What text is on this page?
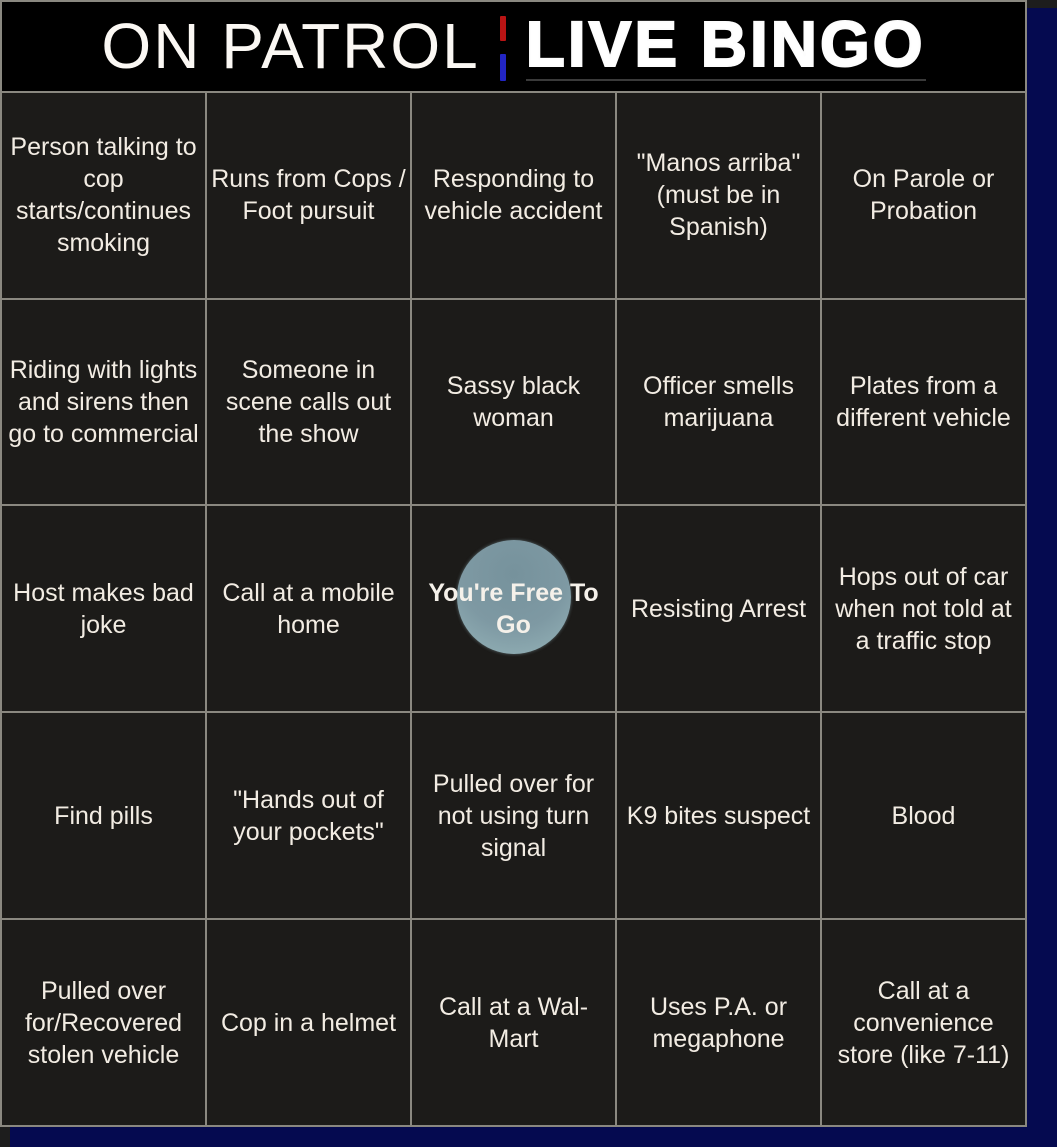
ON PATROL LIVE BINGO				

Person talking to cop starts/continues smoking	Runs from Cops / Foot pursuit	Responding to vehicle accident	"Manos arriba" (must be in Spanish)	On Parole or Probation
Riding with lights and sirens then go to commercial	Someone in scene calls out the show	Sassy black woman	Officer smells marijuana	Plates from a different vehicle
Host makes bad joke	Call at a mobile home	You're Free To Go	Resisting Arrest	Hops out of car when not told at a traffic stop
Find pills	"Hands out of your pockets"	Pulled over for not using turn signal	K9 bites suspect	Blood
Pulled over for/Recovered stolen vehicle	Cop in a helmet	Call at a Wal-Mart	Uses P.A. or megaphone	Call at a convenience store (like 7-11)
